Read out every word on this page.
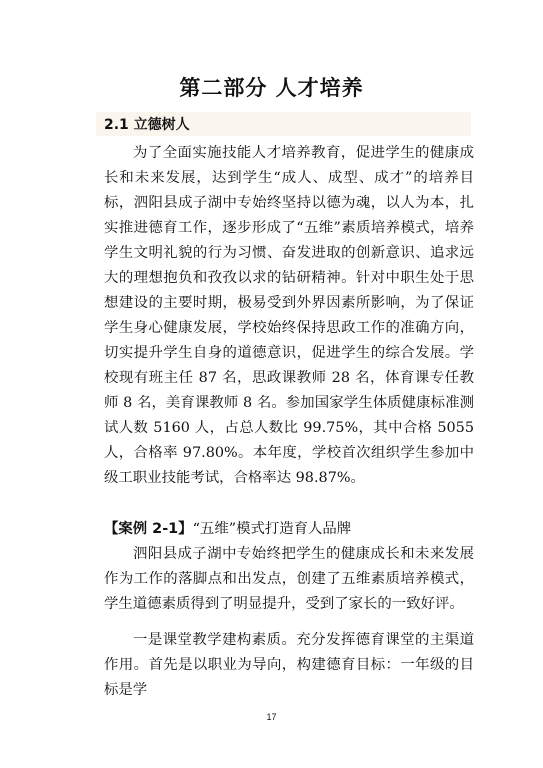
第二部分 人才培养
2.1 立德树人

为了全面实施技能人才培养教育，促进学生的健康成长和未来发展，达到学生“成人、成型、成才”的培养目标，泗阳县成子湖中专始终坚持以德为魂，以人为本，扎实推进德育工作，逐步形成了“五维”素质培养模式，培养学生文明礼貌的行为习惯、奋发进取的创新意识、追求远大的理想抱负和孜孜以求的钻研精神。针对中职生处于思想建设的主要时期，极易受到外界因素所影响，为了保证学生身心健康发展，学校始终保持思政工作的准确方向，切实提升学生自身的道德意识，促进学生的综合发展。学校现有班主任 87 名，思政课教师 28 名，体育课专任教师 8 名，美育课教师 8 名。参加国家学生体质健康标准测试人数 5160 人，占总人数比 99.75%，其中合格 5055 人，合格率 97.80%。本年度，学校首次组织学生参加中级工职业技能考试，合格率达 98.87%。

【案例 2-1】“五维”模式打造育人品牌

泗阳县成子湖中专始终把学生的健康成长和未来发展作为工作的落脚点和出发点，创建了五维素质培养模式，学生道德素质得到了明显提升，受到了家长的一致好评。

一是课堂教学建构素质。充分发挥德育课堂的主渠道作用。首先是以职业为导向，构建德育目标：一年级的目标是学

17
